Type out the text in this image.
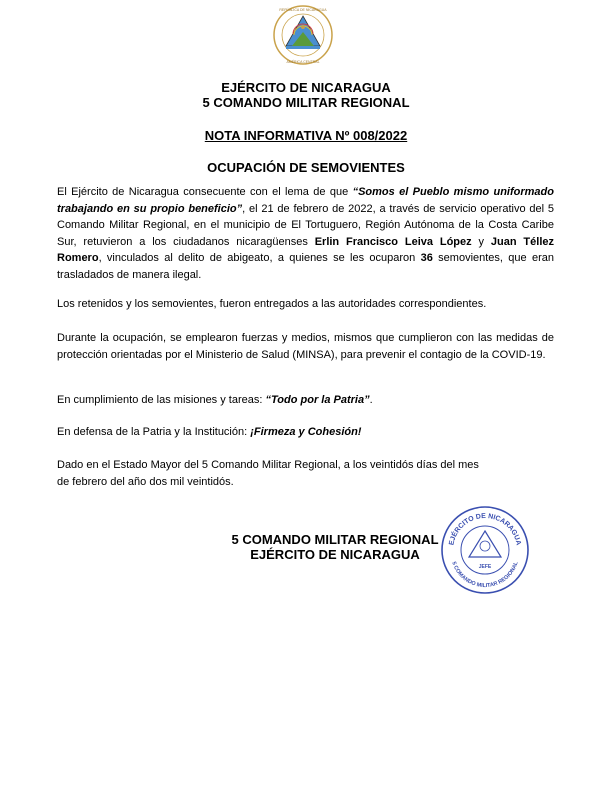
REPÚBLICA DE NICARAGUA
AMÉRICA CENTRAL
EJÉRCITO DE NICARAGUA
5 COMANDO MILITAR REGIONAL
NOTA INFORMATIVA Nº 008/2022
OCUPACIÓN DE SEMOVIENTES
El Ejército de Nicaragua consecuente con el lema de que “Somos el Pueblo mismo uniformado trabajando en su propio beneficio”, el 21 de febrero de 2022, a través de servicio operativo del 5 Comando Militar Regional, en el municipio de El Tortuguero, Región Autónoma de la Costa Caribe Sur, retuvieron a los ciudadanos nicaragüenses Erlin Francisco Leiva López y Juan Téllez Romero, vinculados al delito de abigeato, a quienes se les ocuparon 36 semovientes, que eran trasladados de manera ilegal.
Los retenidos y los semovientes, fueron entregados a las autoridades correspondientes.
Durante la ocupación, se emplearon fuerzas y medios, mismos que cumplieron con las medidas de protección orientadas por el Ministerio de Salud (MINSA), para prevenir el contagio de la COVID-19.
En cumplimiento de las misiones y tareas: “Todo por la Patria”.
En defensa de la Patria y la Institución: ¡Firmeza y Cohesión!
Dado en el Estado Mayor del 5 Comando Militar Regional, a los veintidós días del mes
de febrero del año dos mil veintidós.
5 COMANDO MILITAR REGIONAL
EJÉRCITO DE NICARAGUA
EJÉRCITO DE NICARAGUA
5 COMANDO MILITAR REGIONAL
JEFE
